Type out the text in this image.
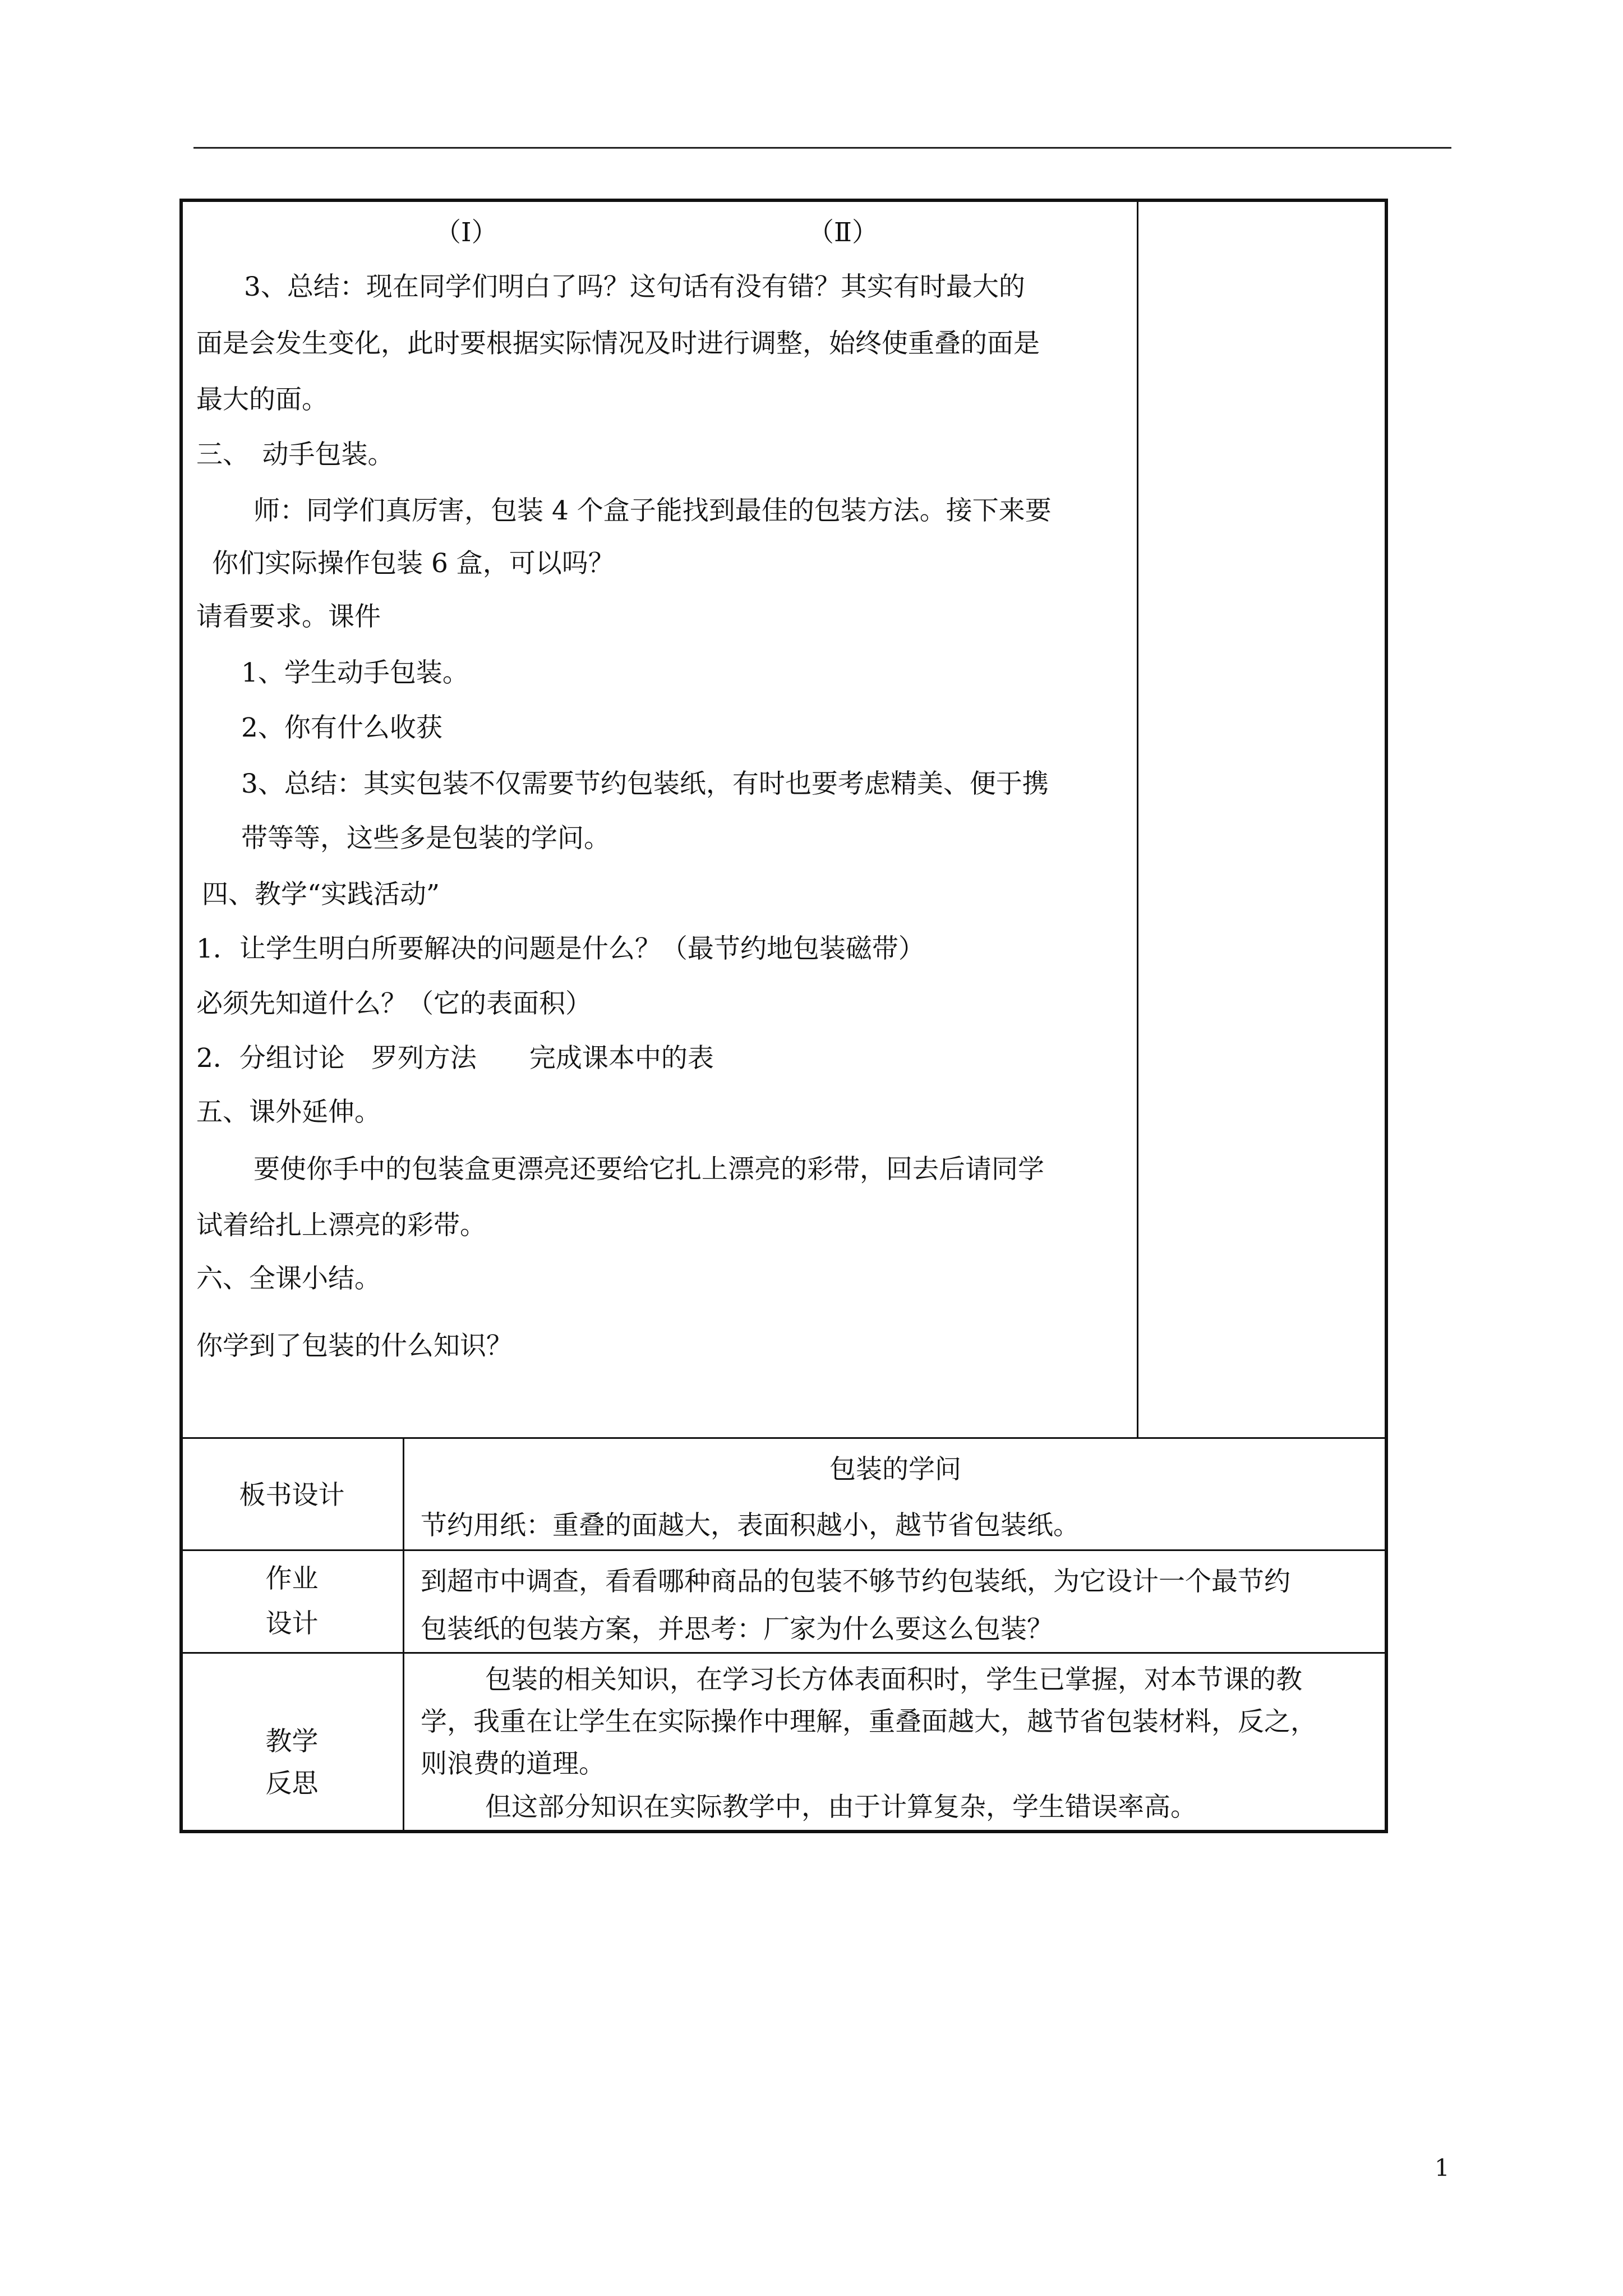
（Ⅰ）	（Ⅱ）
3、总结：现在同学们明白了吗？这句话有没有错？其实有时最大的
面是会发生变化，此时要根据实际情况及时进行调整，始终使重叠的面是
最大的面。
三、　动手包装。
师：同学们真厉害，包装 4 个盒子能找到最佳的包装方法。接下来要
你们实际操作包装 6 盒，可以吗？
请看要求。课件
1、学生动手包装。
2、你有什么收获
3、总结：其实包装不仅需要节约包装纸，有时也要考虑精美、便于携
带等等，这些多是包装的学问。
四、教学“实践活动”
1．让学生明白所要解决的问题是什么？（最节约地包装磁带）
必须先知道什么？（它的表面积）
2．分组讨论　罗列方法　　完成课本中的表
五、课外延伸。
要使你手中的包装盒更漂亮还要给它扎上漂亮的彩带，回去后请同学
试着给扎上漂亮的彩带。
六、全课小结。
你学到了包装的什么知识？
板书设计
包装的学问
节约用纸：重叠的面越大，表面积越小，越节省包装纸。
作业
设计
到超市中调查，看看哪种商品的包装不够节约包装纸，为它设计一个最节约
包装纸的包装方案，并思考：厂家为什么要这么包装？
教学
反思
包装的相关知识，在学习长方体表面积时，学生已掌握，对本节课的教
学，我重在让学生在实际操作中理解，重叠面越大，越节省包装材料，反之，
则浪费的道理。
但这部分知识在实际教学中，由于计算复杂，学生错误率高。
1
